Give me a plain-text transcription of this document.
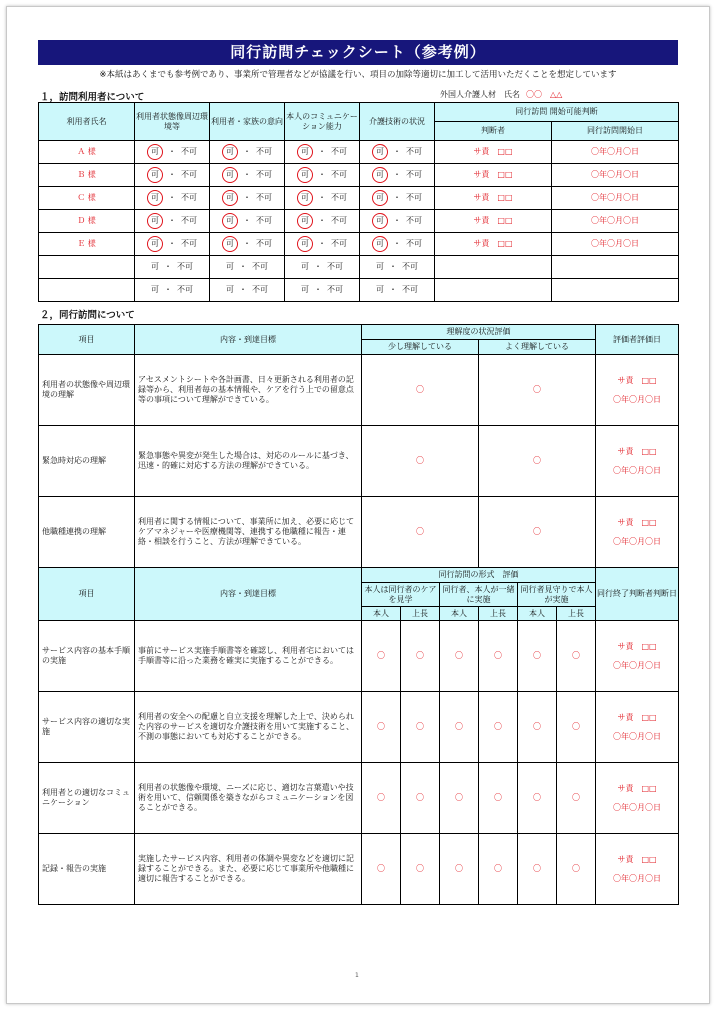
同行訪問チェックシート（参考例）
※本紙はあくまでも参考例であり、事業所で管理者などが協議を行い、項目の加除等適切に加工して活用いただくことを想定しています
１，訪問利用者について	外国人介護人材　氏名 〇〇　△△
利用者氏名	利用者状態像周辺環境等	利用者・家族の意向	本人のコミュニケーション能力	介護技術の状況	同行訪問 開始可能判断	
					判断者	同行訪問開始日
Ａ 様	可 ・ 不可	可 ・ 不可	可 ・ 不可	可 ・ 不可	サ責　□□	〇年〇月〇日
Ｂ 様	可 ・ 不可	可 ・ 不可	可 ・ 不可	可 ・ 不可	サ責　□□	〇年〇月〇日
Ｃ 様	可 ・ 不可	可 ・ 不可	可 ・ 不可	可 ・ 不可	サ責　□□	〇年〇月〇日
Ｄ 様	可 ・ 不可	可 ・ 不可	可 ・ 不可	可 ・ 不可	サ責　□□	〇年〇月〇日
Ｅ 様	可 ・ 不可	可 ・ 不可	可 ・ 不可	可 ・ 不可	サ責　□□	〇年〇月〇日
	可 ・ 不可	可 ・ 不可	可 ・ 不可	可 ・ 不可		
	可 ・ 不可	可 ・ 不可	可 ・ 不可	可 ・ 不可		
２，同行訪問について
項目	内容・到達目標	理解度の状況評価						評価者評価日
		少し理解している			よく理解している			
利用者の状態像や周辺環境の理解	アセスメントシートや各計画書、日々更新される利用者の記録等から、利用者毎の基本情報や、ケアを行う上での留意点等の事項について理解ができている。	〇			〇			サ責　□□
〇年〇月〇日

緊急時対応の理解	緊急事態や異変が発生した場合は、対応のルールに基づき、迅速・的確に対応する方法の理解ができている。	〇			〇			サ責　□□
〇年〇月〇日

他職種連携の理解	利用者に関する情報について、事業所に加え、必要に応じてケアマネジャーや医療機関等、連携する他職種に報告・連絡・相談を行うこと、方法が理解できている。	〇			〇			サ責　□□
〇年〇月〇日

項目	内容・到達目標	同行訪問の形式　評価						同行終了判断者判断日
		本人は同行者のケアを見学		同行者、本人が一緒に実施		同行者見守りで本人が実施		
		本人	上長	本人	上長	本人	上長	
サービス内容の基本手順の実施	事前にサービス実施手順書等を確認し、利用者宅においては手順書等に沿った業務を確実に実施することができる。	〇	〇	〇	〇	〇	〇	サ責　□□
〇年〇月〇日

サービス内容の適切な実施	利用者の安全への配慮と自立支援を理解した上で、決められた内容のサービスを適切な介護技術を用いて実施すること、不測の事態においても対応することができる。	〇	〇	〇	〇	〇	〇	サ責　□□
〇年〇月〇日

利用者との適切なコミュニケーション	利用者の状態像や環境、ニーズに応じ、適切な言葉遣いや技術を用いて、信頼関係を築きながらコミュニケーションを図ることができる。	〇	〇	〇	〇	〇	〇	サ責　□□
〇年〇月〇日

記録・報告の実施	実施したサービス内容、利用者の体調や異変などを適切に記録することができる。また、必要に応じて事業所や他職種に適切に報告することができる。	〇	〇	〇	〇	〇	〇	サ責　□□
〇年〇月〇日
1
